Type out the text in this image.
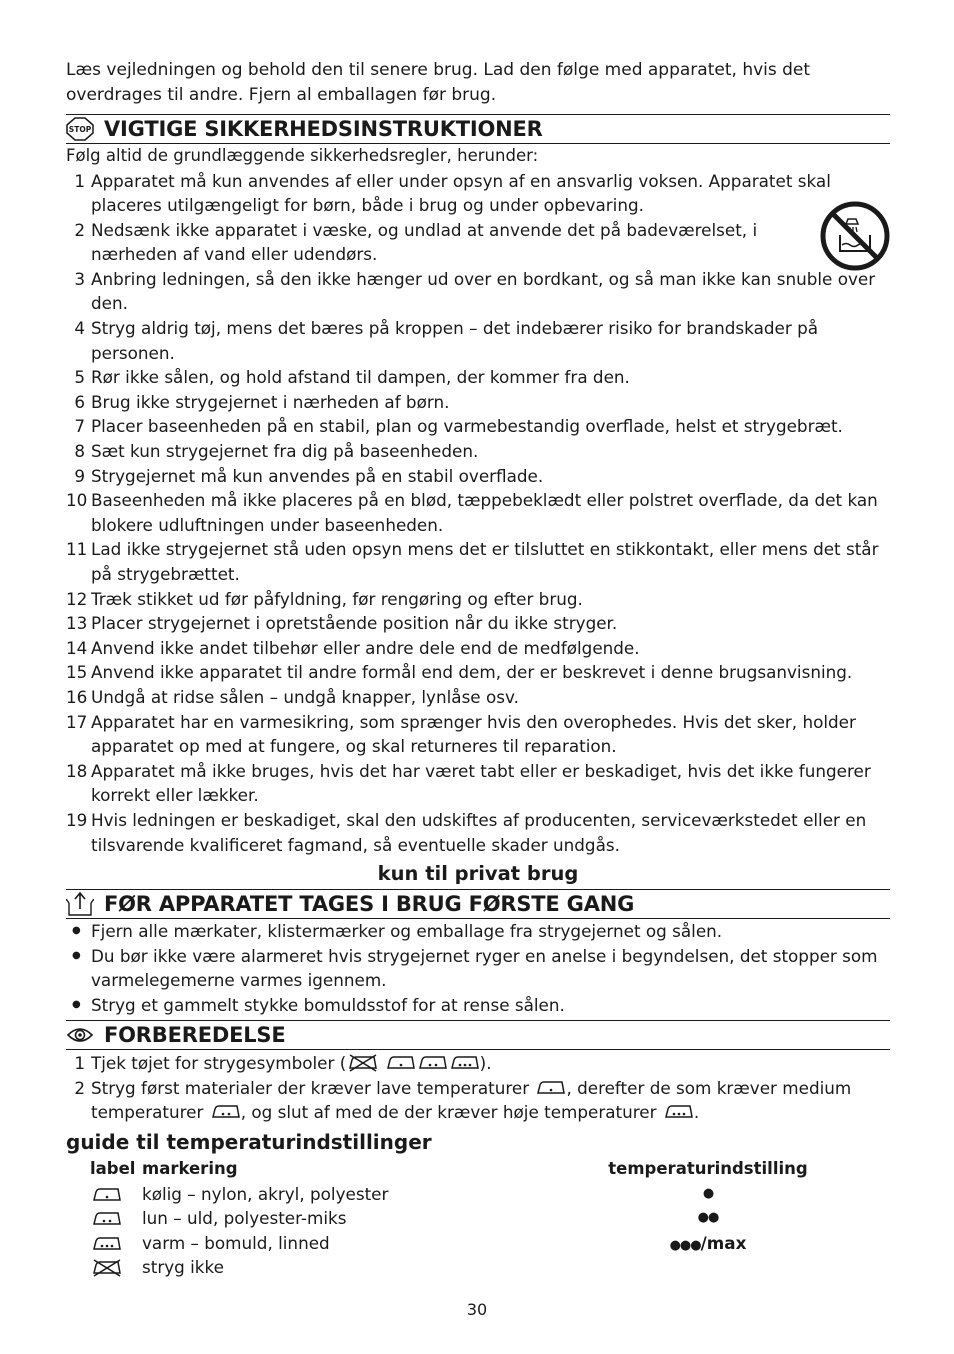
Læs vejledningen og behold den til senere brug. Lad den følge med apparatet, hvis det overdrages til andre. Fjern al emballagen før brug.

STOP VIGTIGE SIKKERHEDSINSTRUKTIONER

Følg altid de grundlæggende sikkerhedsregler, herunder:

1 Apparatet må kun anvendes af eller under opsyn af en ansvarlig voksen. Apparatet skal placeres utilgængeligt for børn, både i brug og under opbevaring.
2 Nedsænk ikke apparatet i væske, og undlad at anvende det på badeværelset, i nærheden af vand eller udendørs.
3 Anbring ledningen, så den ikke hænger ud over en bordkant, og så man ikke kan snuble over den.
4 Stryg aldrig tøj, mens det bæres på kroppen – det indebærer risiko for brandskader på personen.
5 Rør ikke sålen, og hold afstand til dampen, der kommer fra den.
6 Brug ikke strygejernet i nærheden af børn.
7 Placer baseenheden på en stabil, plan og varmebestandig overflade, helst et strygebræt.
8 Sæt kun strygejernet fra dig på baseenheden.
9 Strygejernet må kun anvendes på en stabil overflade.
10 Baseenheden må ikke placeres på en blød, tæppebeklædt eller polstret overflade, da det kan blokere udluftningen under baseenheden.
11 Lad ikke strygejernet stå uden opsyn mens det er tilsluttet en stikkontakt, eller mens det står på strygebrættet.
12 Træk stikket ud før påfyldning, før rengøring og efter brug.
13 Placer strygejernet i opretstående position når du ikke stryger.
14 Anvend ikke andet tilbehør eller andre dele end de medfølgende.
15 Anvend ikke apparatet til andre formål end dem, der er beskrevet i denne brugsanvisning.
16 Undgå at ridse sålen – undgå knapper, lynlåse osv.
17 Apparatet har en varmesikring, som sprænger hvis den overophedes. Hvis det sker, holder apparatet op med at fungere, og skal returneres til reparation.
18 Apparatet må ikke bruges, hvis det har været tabt eller er beskadiget, hvis det ikke fungerer korrekt eller lækker.
19 Hvis ledningen er beskadiget, skal den udskiftes af producenten, serviceværkstedet eller en tilsvarende kvalificeret fagmand, så eventuelle skader undgås.

kun til privat brug

FØR APPARATET TAGES I BRUG FØRSTE GANG
● Fjern alle mærkater, klistermærker og emballage fra strygejernet og sålen.
● Du bør ikke være alarmeret hvis strygejernet ryger en anelse i begyndelsen, det stopper som varmelegemerne varmes igennem.
● Stryg et gammelt stykke bomuldsstof for at rense sålen.
FORBEREDELSE
1 Tjek tøjet for strygesymboler (	).
2 Stryg først materialer der kræver lave temperaturer , derefter de som kræver medium temperaturer , og slut af med de der kræver høje temperaturer .

guide til temperaturindstillinger

label markering	temperaturindstilling
kølig – nylon, akryl, polyester	●
lun – uld, polyester-miks	●●
varm – bomuld, linned	●●●/max
stryg ikke
30
